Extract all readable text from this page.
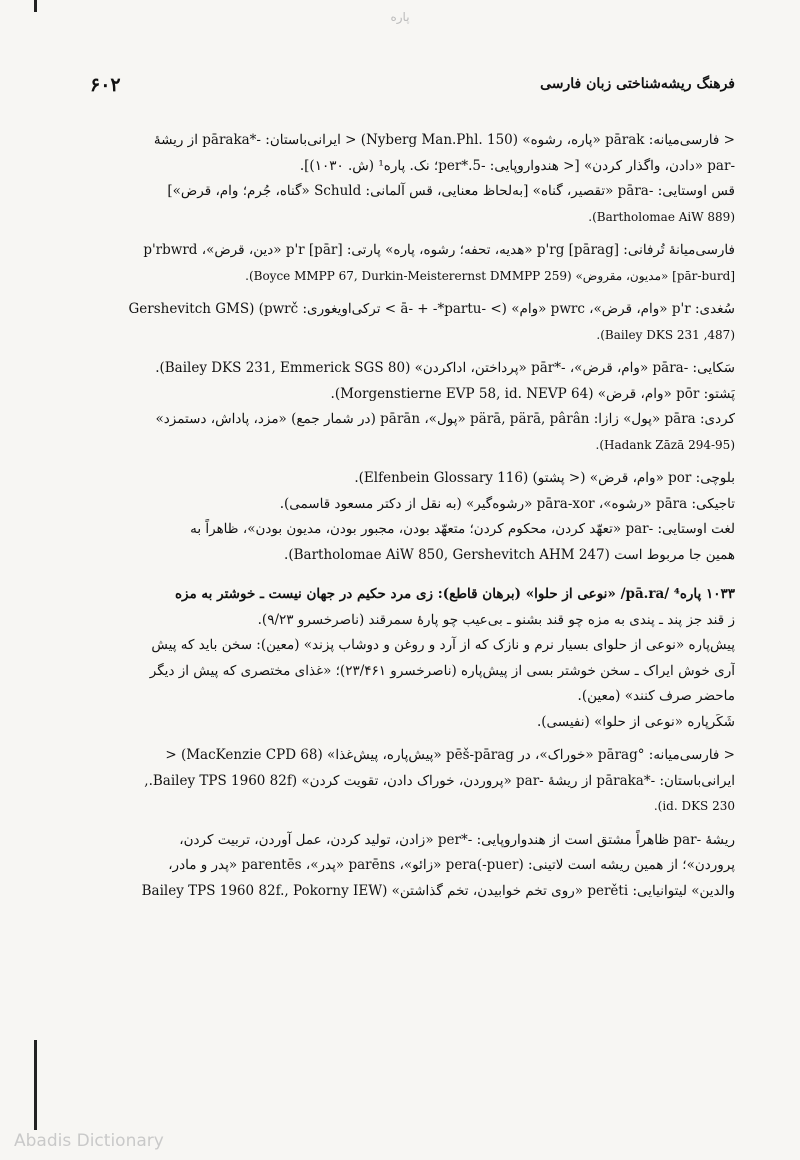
پاره
۶۰۲	فرهنگ ریشه‌شناختی زبان فارسی
< فارسی‌میانه: pārak «پاره، رشوه» (Nyberg Man.Phl. 150) < ایرانی‌باستان: -*pāraka از ریشهٔ
-par «دادن، واگذار کردن» [< هندواروپایی: -5.*per؛ نک. پاره¹ (ش. ۱۰۳۰)].
قس اوستایی: -pāra «تقصیر، گناه» [به‌لحاظ معنایی، قس آلمانی: Schuld «گناه، جُرم؛ وام، قرض»]
(Bartholomae AiW 889).
فارسی‌میانهٔ تُرفانی: p'rg [pārag] «هدیه، تحفه؛ رشوه، پاره» پارتی: p'r [pār] «دین، قرض»، p'rbwrd
[pār-burd] «مدیون، مقروض» (Boyce MMPP 67, Durkin-Meisterernst DMMPP 259).
سُغدی: p'r «وام، قرض»، pwrc «وام» (> -ā- + -*partu > ترکی‌اویغوری: pwrč) (Gershevitch GMS
(487, Bailey DKS 231).
سَکایی: -pāra «وام، قرض»، -*pār «پرداختن، اداکردن» (Bailey DKS 231, Emmerick SGS 80).
پَشتو: pōr «وام، قرض» (Morgenstierne EVP 58, id. NEVP 64).
کردی: pāra «پول» زازا: pärā, pärā, pârân «پول»، pārān (در شمار جمع) «مزد، پاداش، دستمزد»
(Hadank Zāzā 294-95).
بلوچی: por «وام، قرض» (< پشتو) (Elfenbein Glossary 116).
تاجیکی: pāra «رشوه»، pāra-xor «رشوه‌گیر» (به نقل از دکتر مسعود قاسمی).
لغت اوستایی: -par «تعهّد کردن، محکوم کردن؛ متعهّد بودن، مجبور بودن، مدیون بودن»، ظاهراً به
همین جا مربوط است (Bartholomae AiW 850, Gershevitch AHM 247).
۱۰۳۳ پاره⁴ /pā.ra/ «نوعی از حلوا» (برهان قاطع): زی مرد حکیم در جهان نیست ـ خوشتر به مزه
ز قند جز پند ـ پندی به مزه چو قند بشنو ـ بی‌عیب چو پارهٔ سمرقند (ناصرخسرو ۹/۲۳).
پیش‌پاره «نوعی از حلوای بسیار نرم و نازک که از آرد و روغن و دوشاب پزند» (معین): سخن باید که پیش
آری خوش ایراک ـ سخن خوشتر بسی از پیش‌پاره (ناصرخسرو ۲۳/۴۶۱)؛ «غذای مختصری که پیش از دیگر
ماحضر صرف کنند» (معین).
شَکَرپاره «نوعی از حلوا» (نفیسی).
< فارسی‌میانه: °pārag «خوراک»، در pēš-pārag «پیش‌پاره، پیش‌غذا» (MacKenzie CPD 68) <
ایرانی‌باستان: -*pāraka از ریشهٔ -par «پروردن، خوراک دادن، تقویت کردن» (Bailey TPS 1960 82f.,
id. DKS 230).
ریشهٔ -par ظاهراً مشتق است از هندواروپایی: -*per «زادن، تولید کردن، عمل آوردن، تربیت کردن،
پروردن»؛ از همین ریشه است لاتینی: (puer-)pera «زائو»، parēns «پدر»، parentēs «پدر و مادر،
والدین» لیتوانیایی: perěti «روی تخم خوابیدن، تخم گذاشتن» (Bailey TPS 1960 82f., Pokorny IEW
Abadis Dictionary
